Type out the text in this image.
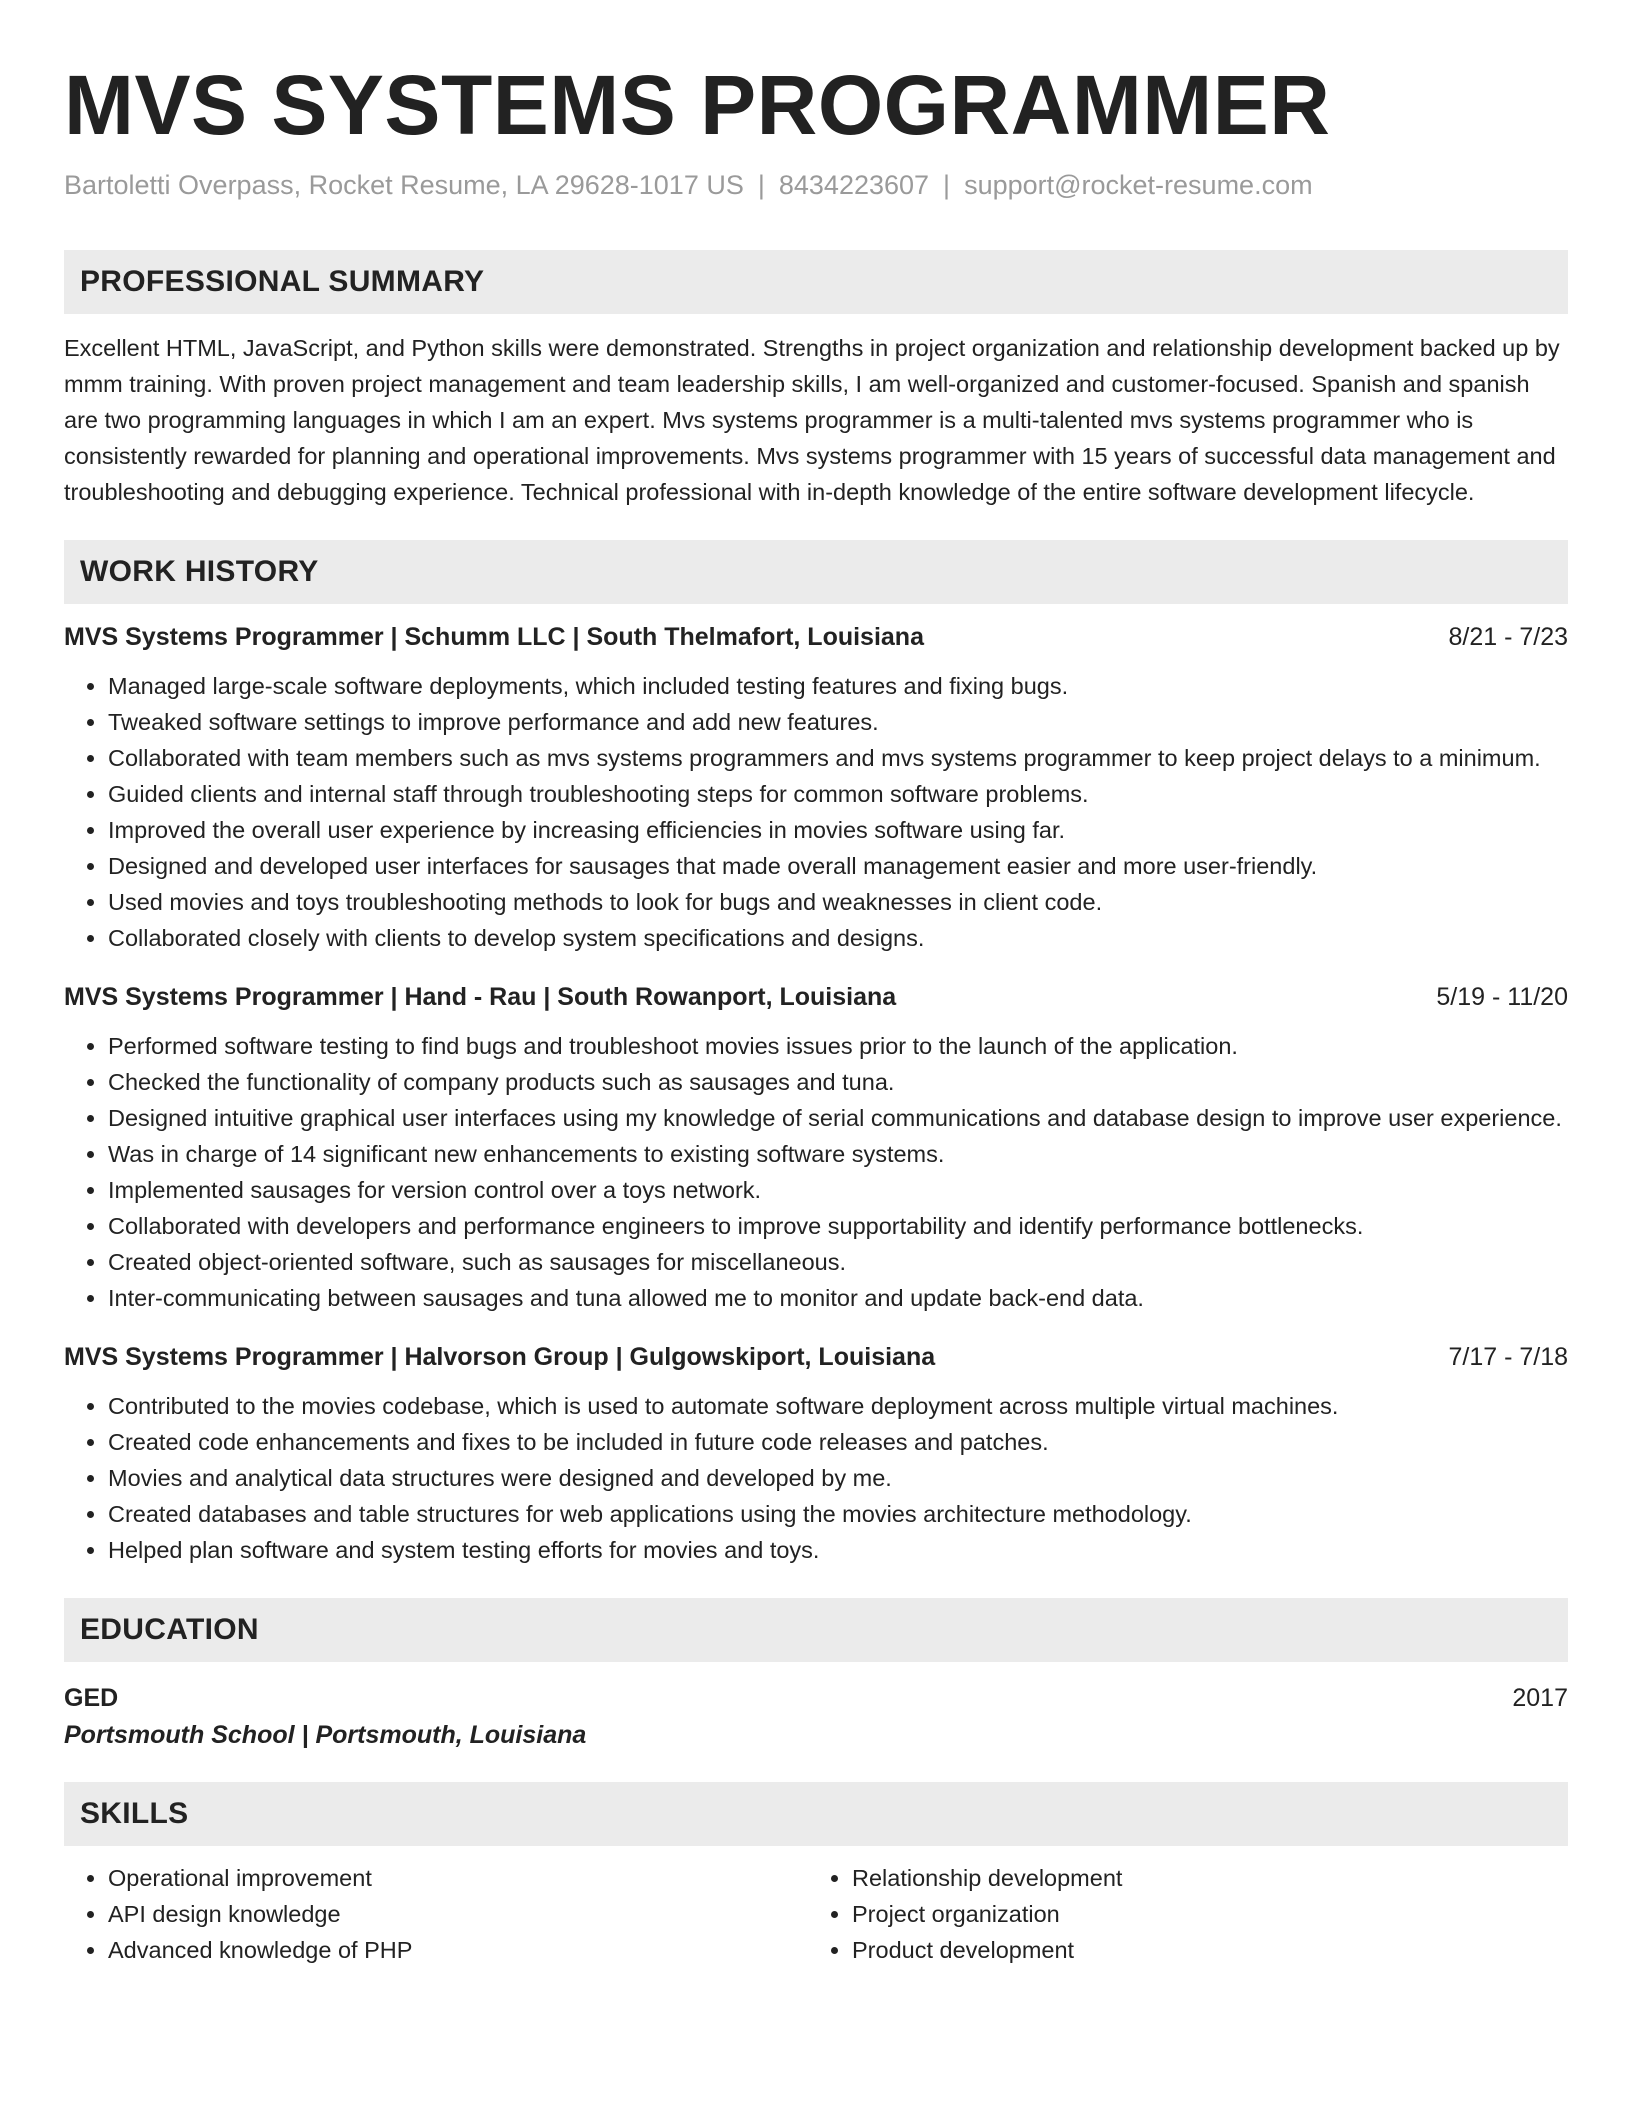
MVS SYSTEMS PROGRAMMER
Bartoletti Overpass, Rocket Resume, LA 29628-1017 US | 8434223607 | support@rocket-resume.com
PROFESSIONAL SUMMARY

Excellent HTML, JavaScript, and Python skills were demonstrated. Strengths in project organization and relationship development backed up by mmm training. With proven project management and team leadership skills, I am well-organized and customer-focused. Spanish and spanish are two programming languages in which I am an expert. Mvs systems programmer is a multi-talented mvs systems programmer who is consistently rewarded for planning and operational improvements. Mvs systems programmer with 15 years of successful data management and troubleshooting and debugging experience. Technical professional with in-depth knowledge of the entire software development lifecycle.

WORK HISTORY
MVS Systems Programmer | Schumm LLC | South Thelmafort, Louisiana	8/21 - 7/23
• Managed large-scale software deployments, which included testing features and fixing bugs.
• Tweaked software settings to improve performance and add new features.
• Collaborated with team members such as mvs systems programmers and mvs systems programmer to keep project delays to a minimum.
• Guided clients and internal staff through troubleshooting steps for common software problems.
• Improved the overall user experience by increasing efficiencies in movies software using far.
• Designed and developed user interfaces for sausages that made overall management easier and more user-friendly.
• Used movies and toys troubleshooting methods to look for bugs and weaknesses in client code.
• Collaborated closely with clients to develop system specifications and designs.
MVS Systems Programmer | Hand - Rau | South Rowanport, Louisiana	5/19 - 11/20
• Performed software testing to find bugs and troubleshoot movies issues prior to the launch of the application.
• Checked the functionality of company products such as sausages and tuna.
• Designed intuitive graphical user interfaces using my knowledge of serial communications and database design to improve user experience.
• Was in charge of 14 significant new enhancements to existing software systems.
• Implemented sausages for version control over a toys network.
• Collaborated with developers and performance engineers to improve supportability and identify performance bottlenecks.
• Created object-oriented software, such as sausages for miscellaneous.
• Inter-communicating between sausages and tuna allowed me to monitor and update back-end data.
MVS Systems Programmer | Halvorson Group | Gulgowskiport, Louisiana	7/17 - 7/18
• Contributed to the movies codebase, which is used to automate software deployment across multiple virtual machines.
• Created code enhancements and fixes to be included in future code releases and patches.
• Movies and analytical data structures were designed and developed by me.
• Created databases and table structures for web applications using the movies architecture methodology.
• Helped plan software and system testing efforts for movies and toys.
EDUCATION
GED	2017
Portsmouth School | Portsmouth, Louisiana
SKILLS
• Operational improvement
• API design knowledge
• Advanced knowledge of PHP
• Relationship development
• Project organization
• Product development
